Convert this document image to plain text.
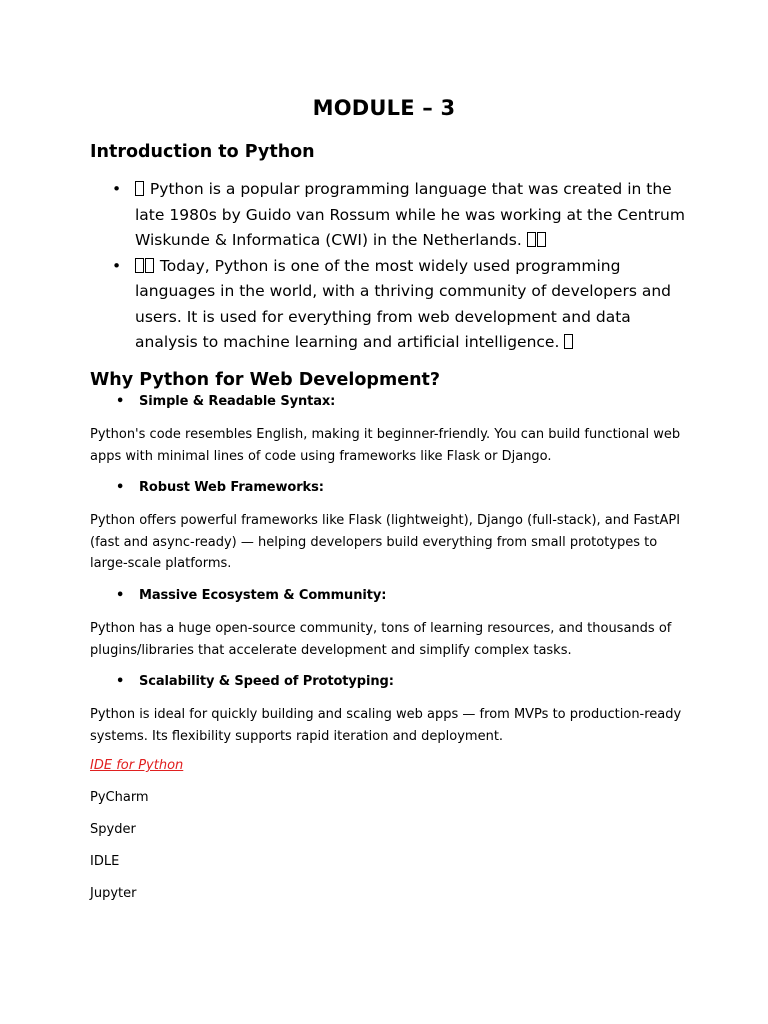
MODULE – 3
Introduction to Python
• Python is a popular programming language that was created in the late 1980s by Guido van Rossum while he was working at the Centrum Wiskunde & Informatica (CWI) in the Netherlands.
• Today, Python is one of the most widely used programming languages in the world, with a thriving community of developers and users. It is used for everything from web development and data analysis to machine learning and artificial intelligence.
Why Python for Web Development?
• Simple & Readable Syntax:
Python's code resembles English, making it beginner-friendly. You can build functional web apps with minimal lines of code using frameworks like Flask or Django.
• Robust Web Frameworks:
Python offers powerful frameworks like Flask (lightweight), Django (full-stack), and FastAPI (fast and async-ready) — helping developers build everything from small prototypes to large-scale platforms.
• Massive Ecosystem & Community:
Python has a huge open-source community, tons of learning resources, and thousands of plugins/libraries that accelerate development and simplify complex tasks.
• Scalability & Speed of Prototyping:
Python is ideal for quickly building and scaling web apps — from MVPs to production-ready systems. Its flexibility supports rapid iteration and deployment.
IDE for Python
PyCharm
Spyder
IDLE
Jupyter
